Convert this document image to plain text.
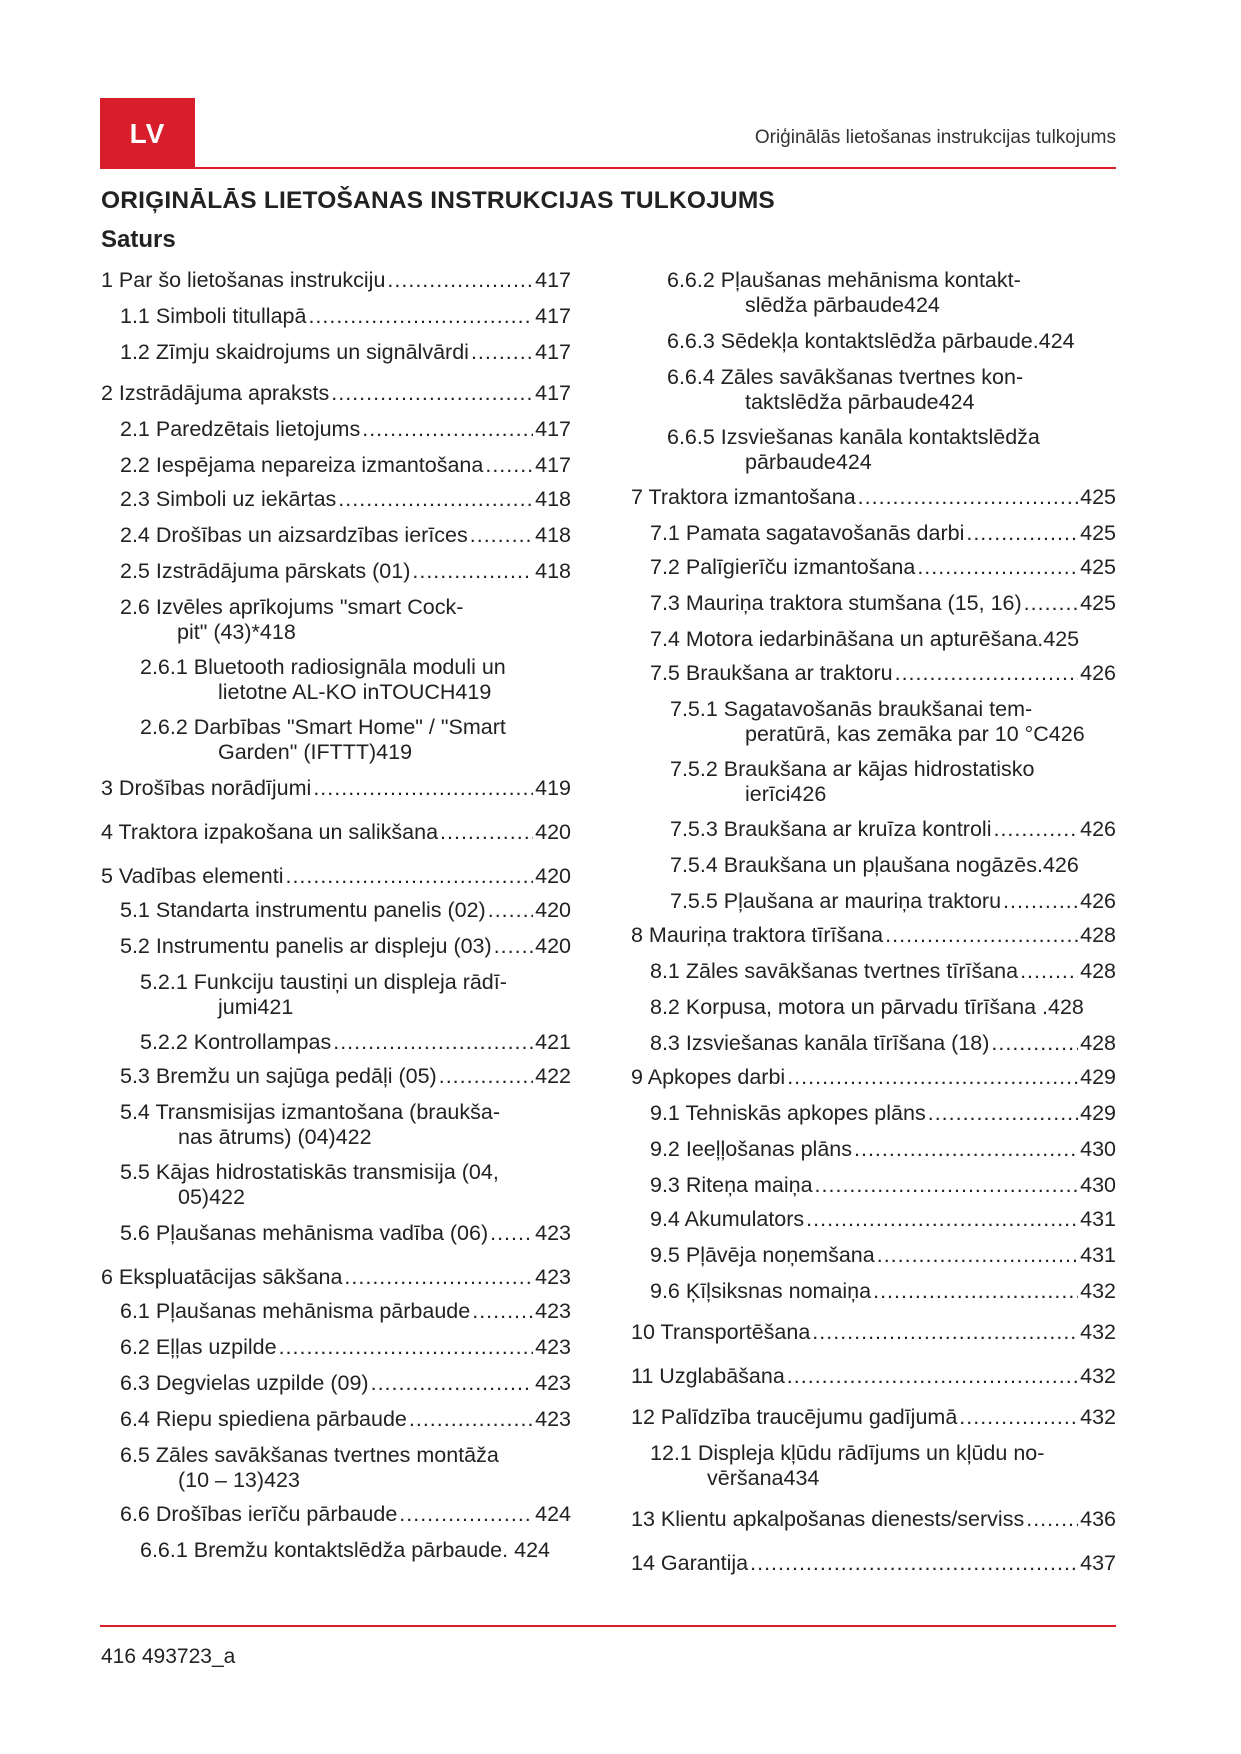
LV	Oriģinālās lietošanas instrukcijas tulkojums
ORIĢINĀLĀS LIETOŠANAS INSTRUKCIJAS TULKOJUMS
Saturs
1 Par šo lietošanas instrukciju .....	417
1.1 Simboli titullapā .....	417
1.2 Zīmju skaidrojums un signālvārdi .....	417
2 Izstrādājuma apraksts .....	417
2.1 Paredzētais lietojums .....	417
2.2 Iespējama nepareiza izmantošana ..... 417
2.3 Simboli uz iekārtas .....	418
2.4 Drošības un aizsardzības ierīces .....	418
2.5 Izstrādājuma pārskats (01) .....	418
2.6 Izvēles aprīkojums "smart Cock-
pit" (43)* 418
2.6.1 Bluetooth radiosignāla moduli un
lietotne AL-KO inTOUCH 419
2.6.2 Darbības "Smart Home" / "Smart
Garden" (IFTTT) 419
3 Drošības norādījumi .....	419
4 Traktora izpakošana un salikšana .....	420
5 Vadības elementi .....	420
5.1 Standarta instrumentu panelis (02) ..... 420
5.2 Instrumentu panelis ar displeju (03) ..... 420
5.2.1 Funkciju taustiņi un displeja rādī-
jumi 421
5.2.2 Kontrollampas .....	421
5.3 Bremžu un sajūga pedāļi (05) .....	422
5.4 Transmisijas izmantošana (braukša-
nas ātrums) (04) 422
5.5 Kājas hidrostatiskās transmisija (04,
05) 422
5.6 Pļaušanas mehānisma vadība (06) ..... 423
6 Ekspluatācijas sākšana .....	423
6.1 Pļaušanas mehānisma pārbaude .....	423
6.2 Eļļas uzpilde .....	423
6.3 Degvielas uzpilde (09) .....	423
6.4 Riepu spiediena pārbaude .....	423
6.5 Zāles savākšanas tvertnes montāža
(10 – 13) 423
6.6 Drošības ierīču pārbaude .....	424
6.6.1 Bremžu kontaktslēdža pārbaude. 424
6.6.2 Pļaušanas mehānisma kontakt-
slēdža pārbaude 424
6.6.3 Sēdekļa kontaktslēdža pārbaude. 424
6.6.4 Zāles savākšanas tvertnes kon-
taktslēdža pārbaude 424
6.6.5 Izsviešanas kanāla kontaktslēdža
pārbaude 424
7 Traktora izmantošana .....	425
7.1 Pamata sagatavošanās darbi .....	425
7.2 Palīgierīču izmantošana .....	425
7.3 Mauriņa traktora stumšana (15, 16) .....	425
7.4 Motora iedarbināšana un apturēšana. 425
7.5 Braukšana ar traktoru .....	426
7.5.1 Sagatavošanās braukšanai tem-
peratūrā, kas zemāka par 10 °C 426
7.5.2 Braukšana ar kājas hidrostatisko
ierīci 426
7.5.3 Braukšana ar kruīza kontroli .....	426
7.5.4 Braukšana un pļaušana nogāzēs. 426
7.5.5 Pļaušana ar mauriņa traktoru .....	426
8 Mauriņa traktora tīrīšana .....	428
8.1 Zāles savākšanas tvertnes tīrīšana .....	428
8.2 Korpusa, motora un pārvadu tīrīšana . 428
8.3 Izsviešanas kanāla tīrīšana (18) .....	428
9 Apkopes darbi .....	429
9.1 Tehniskās apkopes plāns .....	429
9.2 Ieeļļošanas plāns .....	430
9.3 Riteņa maiņa .....	430
9.4 Akumulators .....	431
9.5 Pļāvēja noņemšana .....	431
9.6 Ķīļsiksnas nomaiņa .....	432
10 Transportēšana .....	432
11 Uzglabāšana .....	432
12 Palīdzība traucējumu gadījumā .....	432
12.1 Displeja kļūdu rādījums un kļūdu no-
vēršana 434
13 Klientu apkalpošanas dienests/serviss .....	436
14 Garantija .....	437
416 493723_a
